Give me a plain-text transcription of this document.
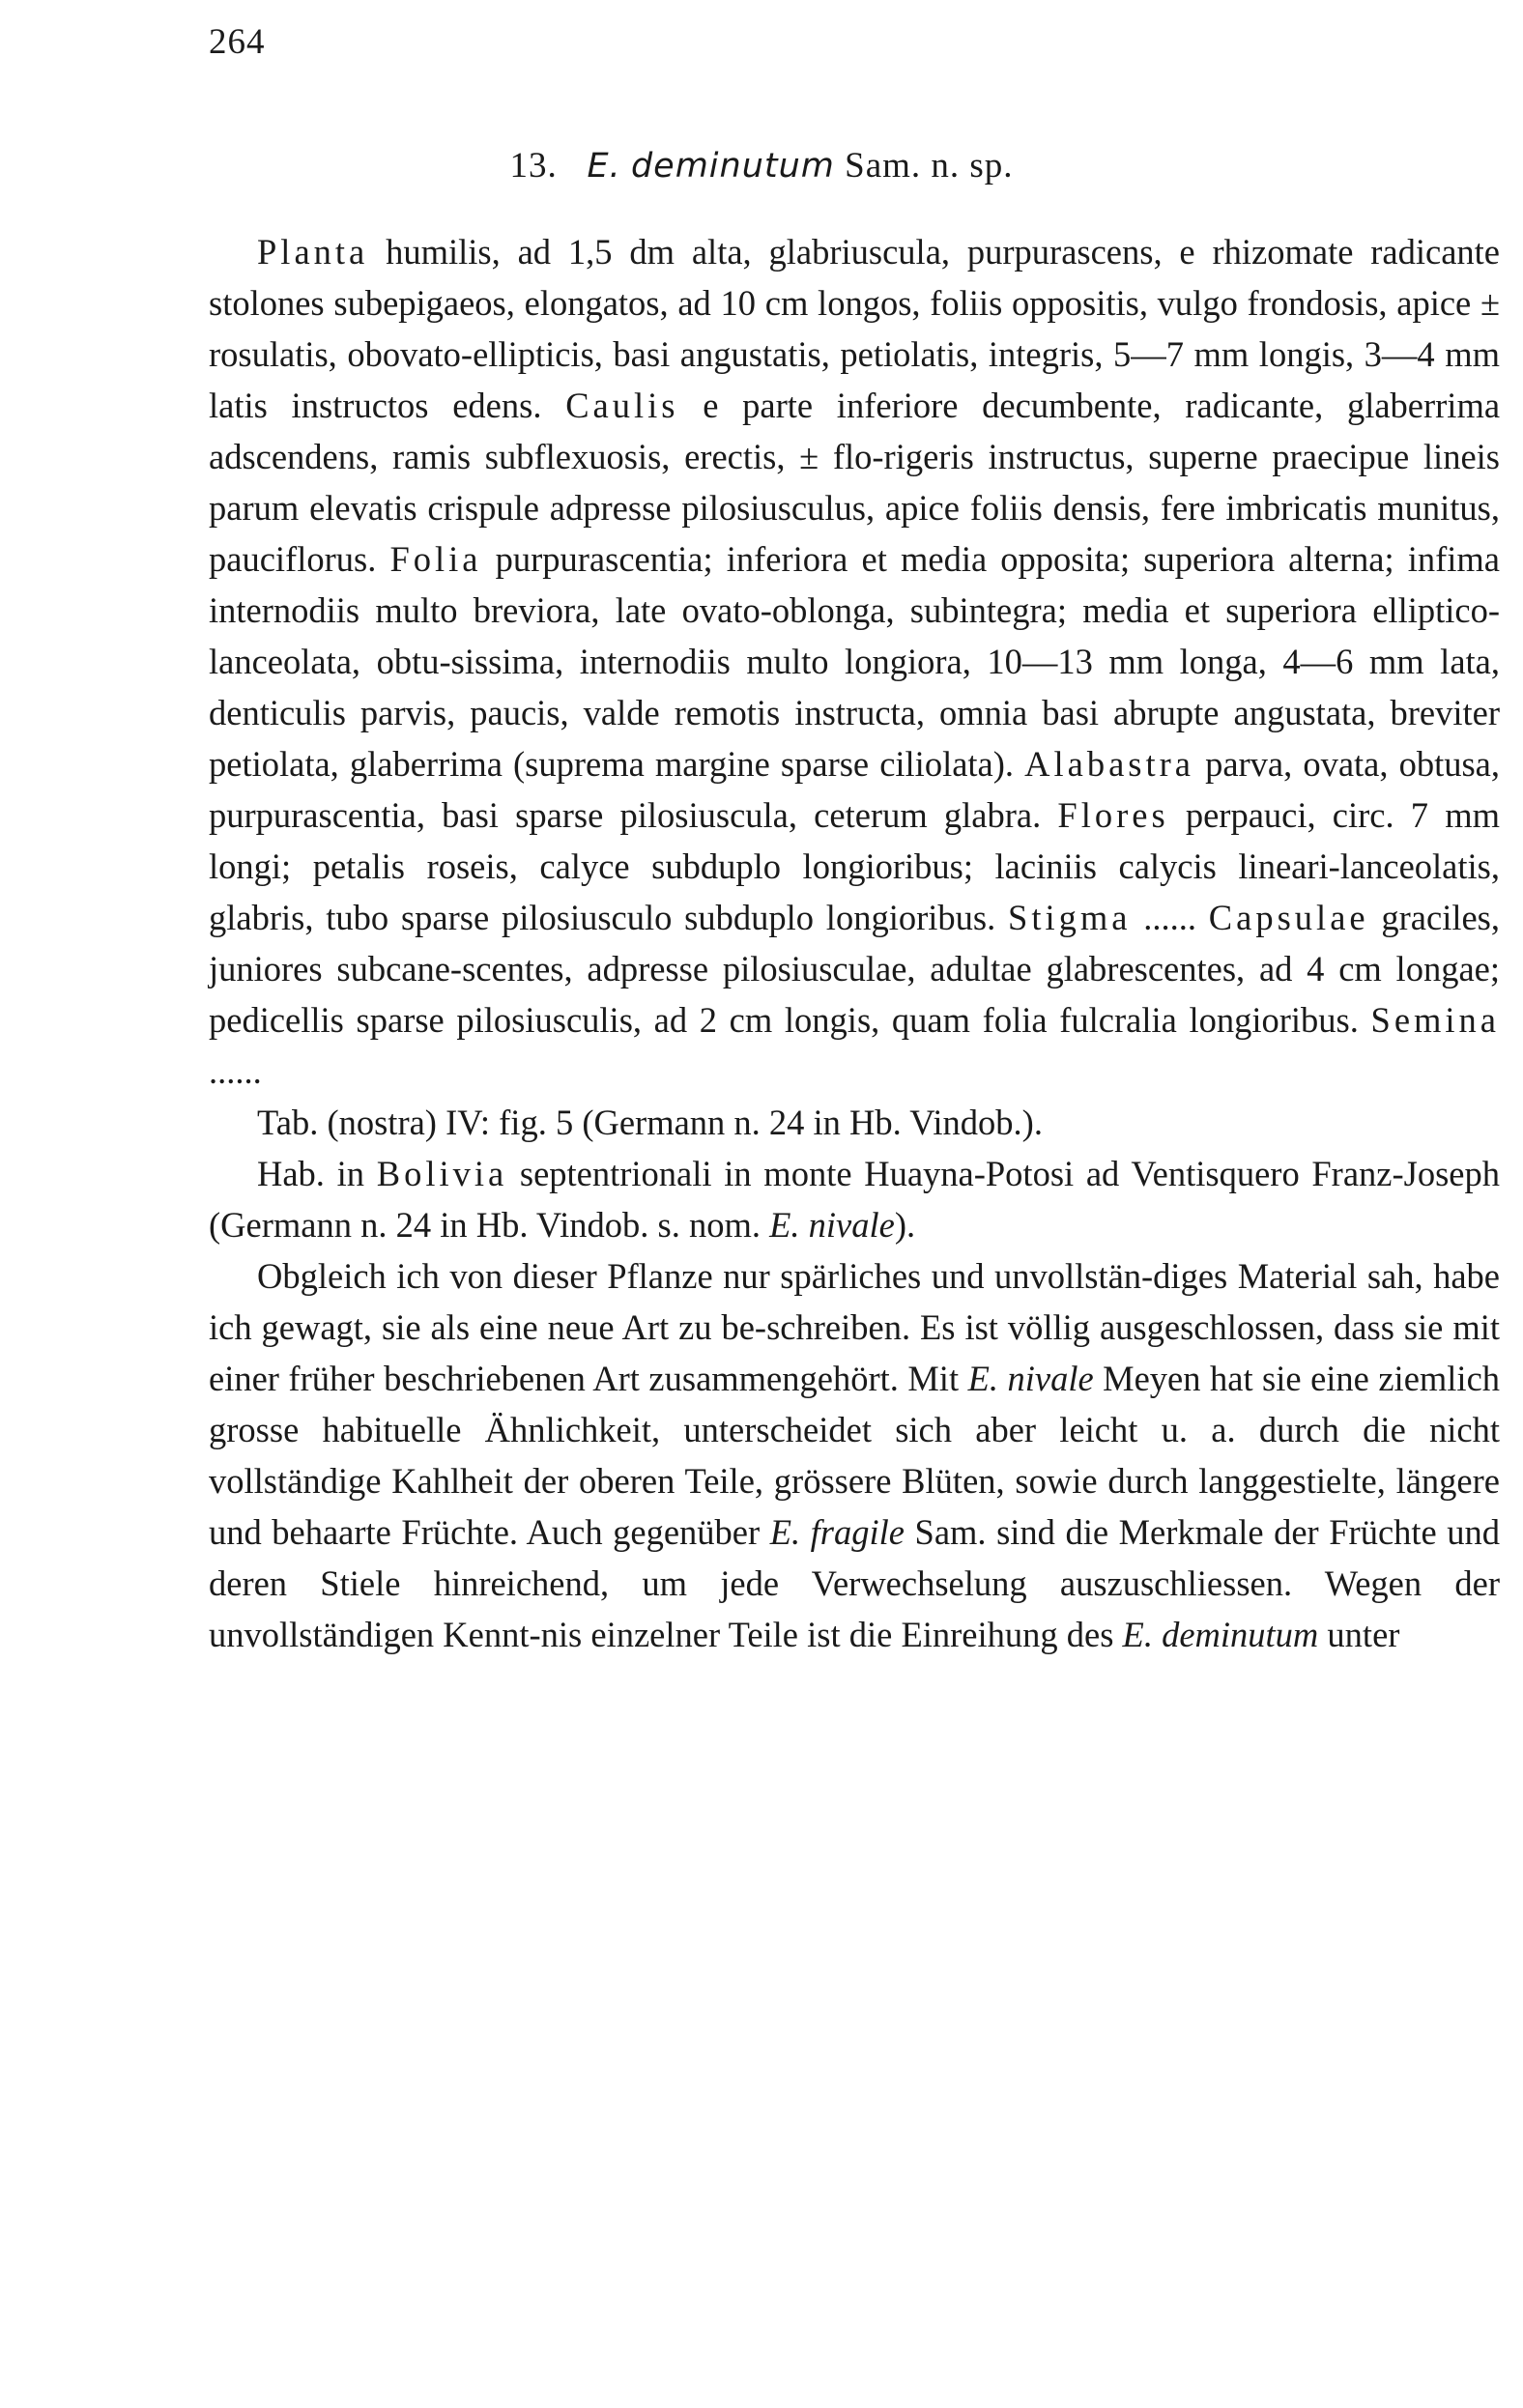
264
13. E. deminutum Sam. n. sp.

Planta humilis, ad 1,5 dm alta, glabriuscula, purpurascens, e rhizomate radicante stolones subepigaeos, elongatos, ad 10 cm longos, foliis oppositis, vulgo frondosis, apice ± rosulatis, obovato-ellipticis, basi angustatis, petiolatis, integris, 5—7 mm longis, 3—4 mm latis instructos edens. Caulis e parte inferiore decumbente, radicante, glaberrima adscendens, ramis subflexuosis, erectis, ± flo-rigeris instructus, superne praecipue lineis parum elevatis crispule adpresse pilosiusculus, apice foliis densis, fere imbricatis munitus, pauciflorus. Folia purpurascentia; inferiora et media opposita; superiora alterna; infima internodiis multo breviora, late ovato-oblonga, subintegra; media et superiora elliptico-lanceolata, obtu-sissima, internodiis multo longiora, 10—13 mm longa, 4—6 mm lata, denticulis parvis, paucis, valde remotis instructa, omnia basi abrupte angustata, breviter petiolata, glaberrima (suprema margine sparse ciliolata). Alabastra parva, ovata, obtusa, purpurascentia, basi sparse pilosiuscula, ceterum glabra. Flores perpauci, circ. 7 mm longi; petalis roseis, calyce subduplo longioribus; laciniis calycis lineari-lanceolatis, glabris, tubo sparse pilosiusculo subduplo longioribus. Stigma ...... Capsulae graciles, juniores subcane-scentes, adpresse pilosiusculae, adultae glabrescentes, ad 4 cm longae; pedicellis sparse pilosiusculis, ad 2 cm longis, quam folia fulcralia longioribus. Semina ......

Tab. (nostra) IV: fig. 5 (Germann n. 24 in Hb. Vindob.).

Hab. in Bolivia septentrionali in monte Huayna-Potosi ad Ventisquero Franz-Joseph (Germann n. 24 in Hb. Vindob. s. nom. E. nivale).

Obgleich ich von dieser Pflanze nur spärliches und unvollstän-diges Material sah, habe ich gewagt, sie als eine neue Art zu be-schreiben. Es ist völlig ausgeschlossen, dass sie mit einer früher beschriebenen Art zusammengehört. Mit E. nivale Meyen hat sie eine ziemlich grosse habituelle Ähnlichkeit, unterscheidet sich aber leicht u. a. durch die nicht vollständige Kahlheit der oberen Teile, grössere Blüten, sowie durch langgestielte, längere und behaarte Früchte. Auch gegenüber E. fragile Sam. sind die Merkmale der Früchte und deren Stiele hinreichend, um jede Verwechselung auszuschliessen. Wegen der unvollständigen Kennt-nis einzelner Teile ist die Einreihung des E. deminutum unter
